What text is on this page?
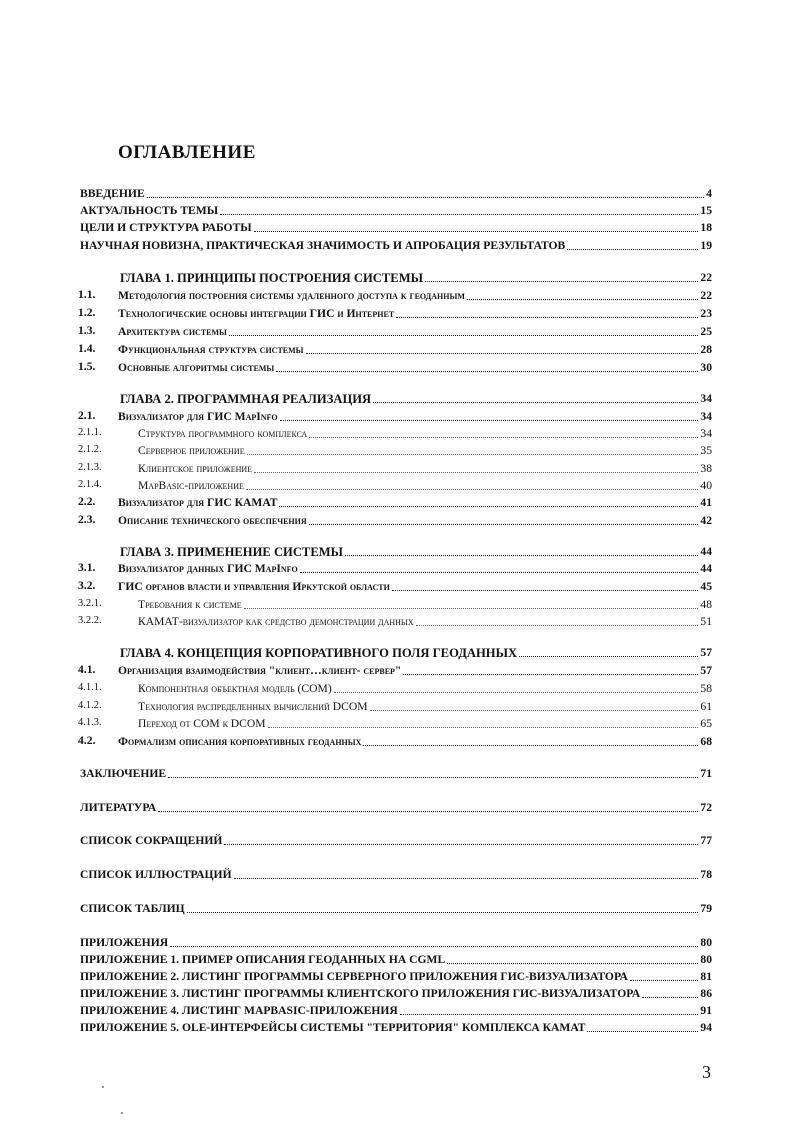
ОГЛАВЛЕНИЕ
ВВЕДЕНИЕ	4
АКТУАЛЬНОСТЬ ТЕМЫ	15
ЦЕЛИ И СТРУКТУРА РАБОТЫ	18
НАУЧНАЯ НОВИЗНА, ПРАКТИЧЕСКАЯ ЗНАЧИМОСТЬ И АПРОБАЦИЯ РЕЗУЛЬТАТОВ	19
ГЛАВА 1. ПРИНЦИПЫ ПОСТРОЕНИЯ СИСТЕМЫ	22
1.1. Методология построения системы удаленного доступа к геоданным	22
1.2. Технологические основы интеграции ГИС и Интернет	23
1.3. Архитектура системы	25
1.4. Функциональная структура системы	28
1.5. Основные алгоритмы системы	30
ГЛАВА 2. ПРОГРАММНАЯ РЕАЛИЗАЦИЯ	34
2.1. Визуализатор для ГИС MapInfo	34
2.1.1.	Структура программного комплекса	34
2.1.2.	Серверное приложение	35
2.1.3.	Клиентское приложение	38
2.1.4.	MapBasic-приложение	40
2.2. Визуализатор для ГИС КАМАТ	41
2.3. Описание технического обеспечения	42
ГЛАВА 3. ПРИМЕНЕНИЕ СИСТЕМЫ	44
3.1. Визуализатор данных ГИС MapInfo	44
3.2. ГИС органов власти и управления Иркутской области	45
3.2.1.	Требования к системе	48
3.2.2.	КАМАТ-визуализатор как средство демонстрации данных	51
ГЛАВА 4. КОНЦЕПЦИЯ КОРПОРАТИВНОГО ПОЛЯ ГЕОДАННЫХ	57
4.1. Организация взаимодействия "клиент…клиент- сервер"	57
4.1.1.	Компонентная объектная модель (COM)	58
4.1.2.	Технология распределенных вычислений DCOM	61
4.1.3.	Переход от COM к DCOM	65
4.2. Формализм описания корпоративных геоданных	68
ЗАКЛЮЧЕНИЕ	71
ЛИТЕРАТУРА	72
СПИСОК СОКРАЩЕНИЙ	77
СПИСОК ИЛЛЮСТРАЦИЙ	78
СПИСОК ТАБЛИЦ	79
ПРИЛОЖЕНИЯ	80
ПРИЛОЖЕНИЕ 1. ПРИМЕР ОПИСАНИЯ ГЕОДАННЫХ НА CGML	80
ПРИЛОЖЕНИЕ 2. ЛИСТИНГ ПРОГРАММЫ СЕРВЕРНОГО ПРИЛОЖЕНИЯ ГИС-ВИЗУАЛИЗАТОРА	81
ПРИЛОЖЕНИЕ 3. ЛИСТИНГ ПРОГРАММЫ КЛИЕНТСКОГО ПРИЛОЖЕНИЯ ГИС-ВИЗУАЛИЗАТОРА	86
ПРИЛОЖЕНИЕ 4. ЛИСТИНГ MAPBASIC-ПРИЛОЖЕНИЯ	91
ПРИЛОЖЕНИЕ 5. OLE-ИНТЕРФЕЙСЫ СИСТЕМЫ "ТЕРРИТОРИЯ" КОМПЛЕКСА КАМАТ	94
3
